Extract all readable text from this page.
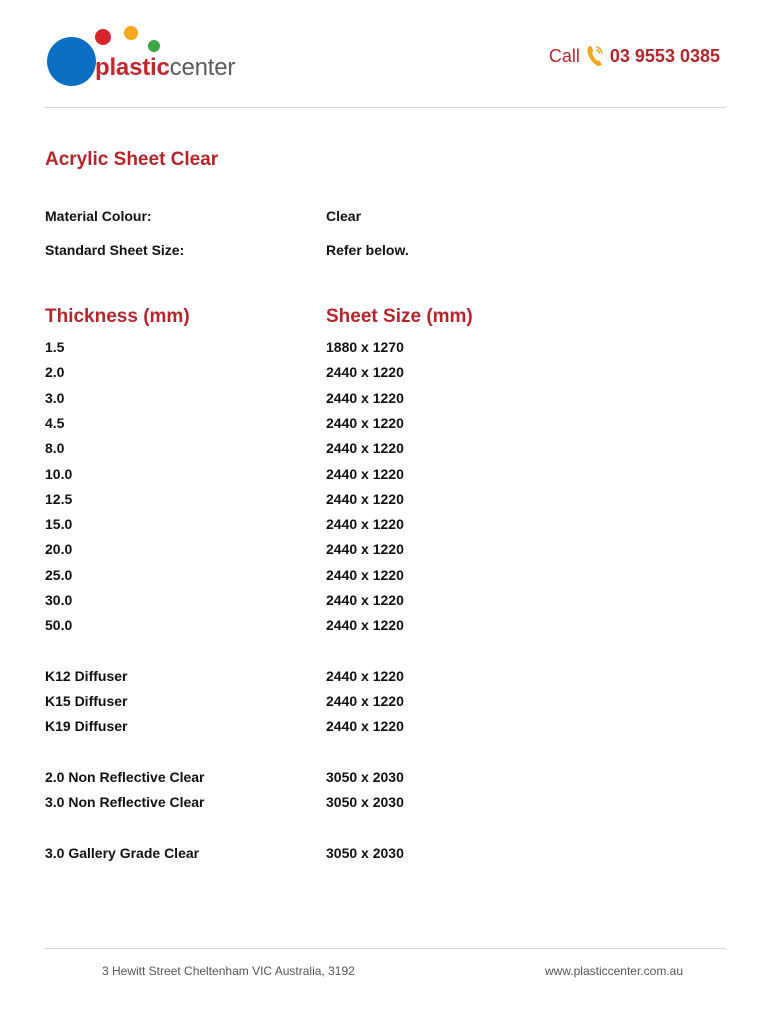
plasticcenter	Call 03 9553 0385
Acrylic Sheet Clear
Material Colour:	Clear
Standard Sheet Size:	Refer below.
Thickness (mm)	Sheet Size (mm)
1.5	1880 x 1270
2.0	2440 x 1220
3.0	2440 x 1220
4.5	2440 x 1220
8.0	2440 x 1220
10.0	2440 x 1220
12.5	2440 x 1220
15.0	2440 x 1220
20.0	2440 x 1220
25.0	2440 x 1220
30.0	2440 x 1220
50.0	2440 x 1220
K12 Diffuser	2440 x 1220
K15 Diffuser	2440 x 1220
K19 Diffuser	2440 x 1220
2.0 Non Reflective Clear	3050 x 2030
3.0 Non Reflective Clear	3050 x 2030
3.0 Gallery Grade Clear	3050 x 2030
3 Hewitt Street Cheltenham VIC Australia, 3192	www.plasticcenter.com.au
